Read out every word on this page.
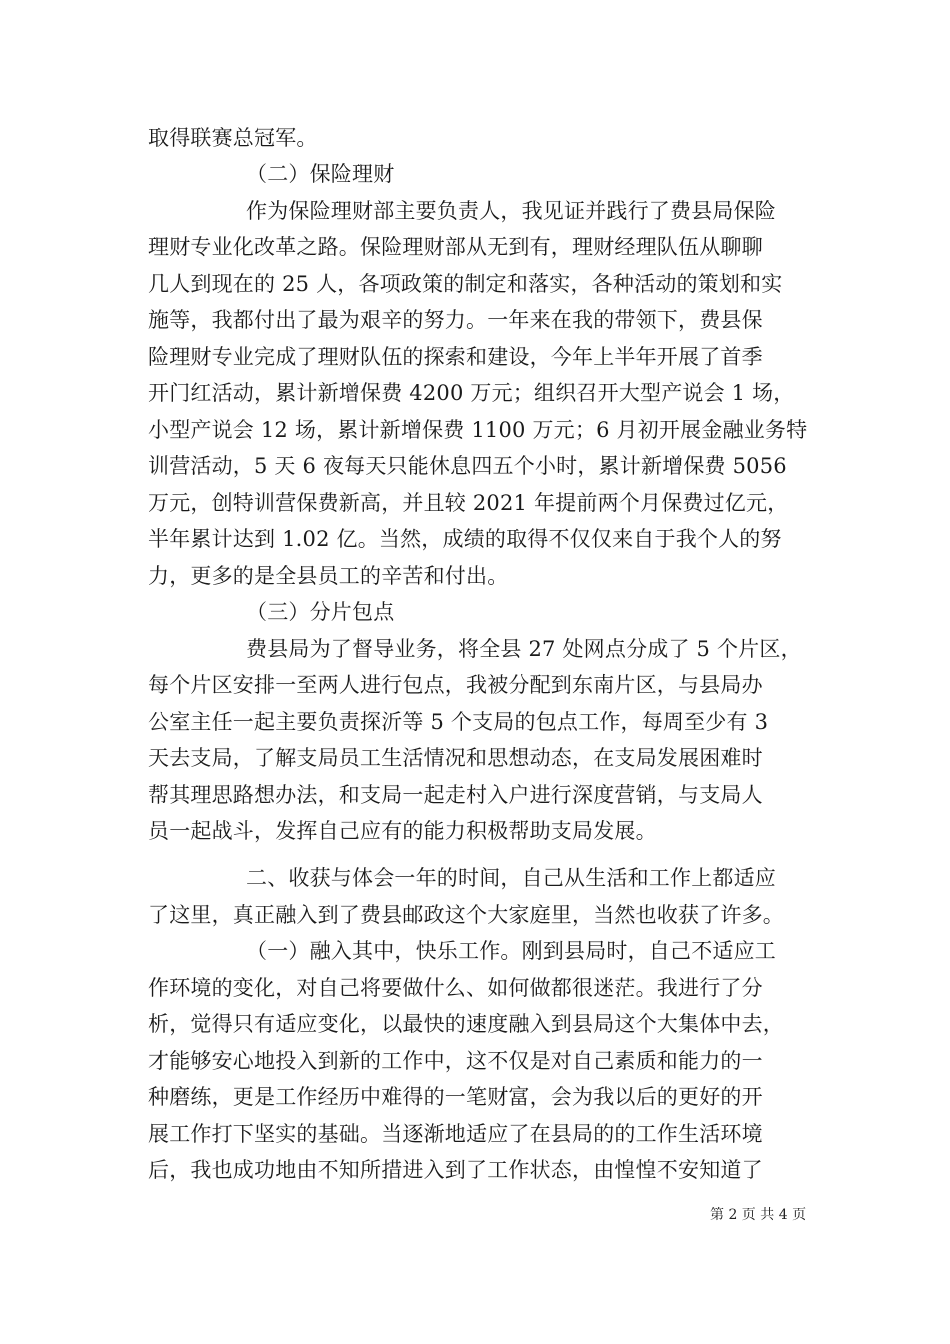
取得联赛总冠军。
（二）保险理财
作为保险理财部主要负责人，我见证并践行了费县局保险
理财专业化改革之路。保险理财部从无到有，理财经理队伍从聊聊
几人到现在的 25 人，各项政策的制定和落实，各种活动的策划和实
施等，我都付出了最为艰辛的努力。一年来在我的带领下，费县保
险理财专业完成了理财队伍的探索和建设，今年上半年开展了首季
开门红活动，累计新增保费 4200 万元；组织召开大型产说会 1 场，
小型产说会 12 场，累计新增保费 1100 万元；6 月初开展金融业务特
训营活动，5 天 6 夜每天只能休息四五个小时，累计新增保费 5056
万元，创特训营保费新高，并且较 2021 年提前两个月保费过亿元，
半年累计达到 1.02 亿。当然，成绩的取得不仅仅来自于我个人的努
力，更多的是全县员工的辛苦和付出。
（三）分片包点
费县局为了督导业务，将全县 27 处网点分成了 5 个片区，
每个片区安排一至两人进行包点，我被分配到东南片区，与县局办
公室主任一起主要负责探沂等 5 个支局的包点工作，每周至少有 3
天去支局，了解支局员工生活情况和思想动态，在支局发展困难时
帮其理思路想办法，和支局一起走村入户进行深度营销，与支局人
员一起战斗，发挥自己应有的能力积极帮助支局发展。
二、收获与体会一年的时间，自己从生活和工作上都适应
了这里，真正融入到了费县邮政这个大家庭里，当然也收获了许多。
（一）融入其中，快乐工作。刚到县局时，自己不适应工
作环境的变化，对自己将要做什么、如何做都很迷茫。我进行了分
析，觉得只有适应变化，以最快的速度融入到县局这个大集体中去，
才能够安心地投入到新的工作中，这不仅是对自己素质和能力的一
种磨练，更是工作经历中难得的一笔财富，会为我以后的更好的开
展工作打下坚实的基础。当逐渐地适应了在县局的的工作生活环境
后，我也成功地由不知所措进入到了工作状态，由惶惶不安知道了
第 2 页 共 4 页
